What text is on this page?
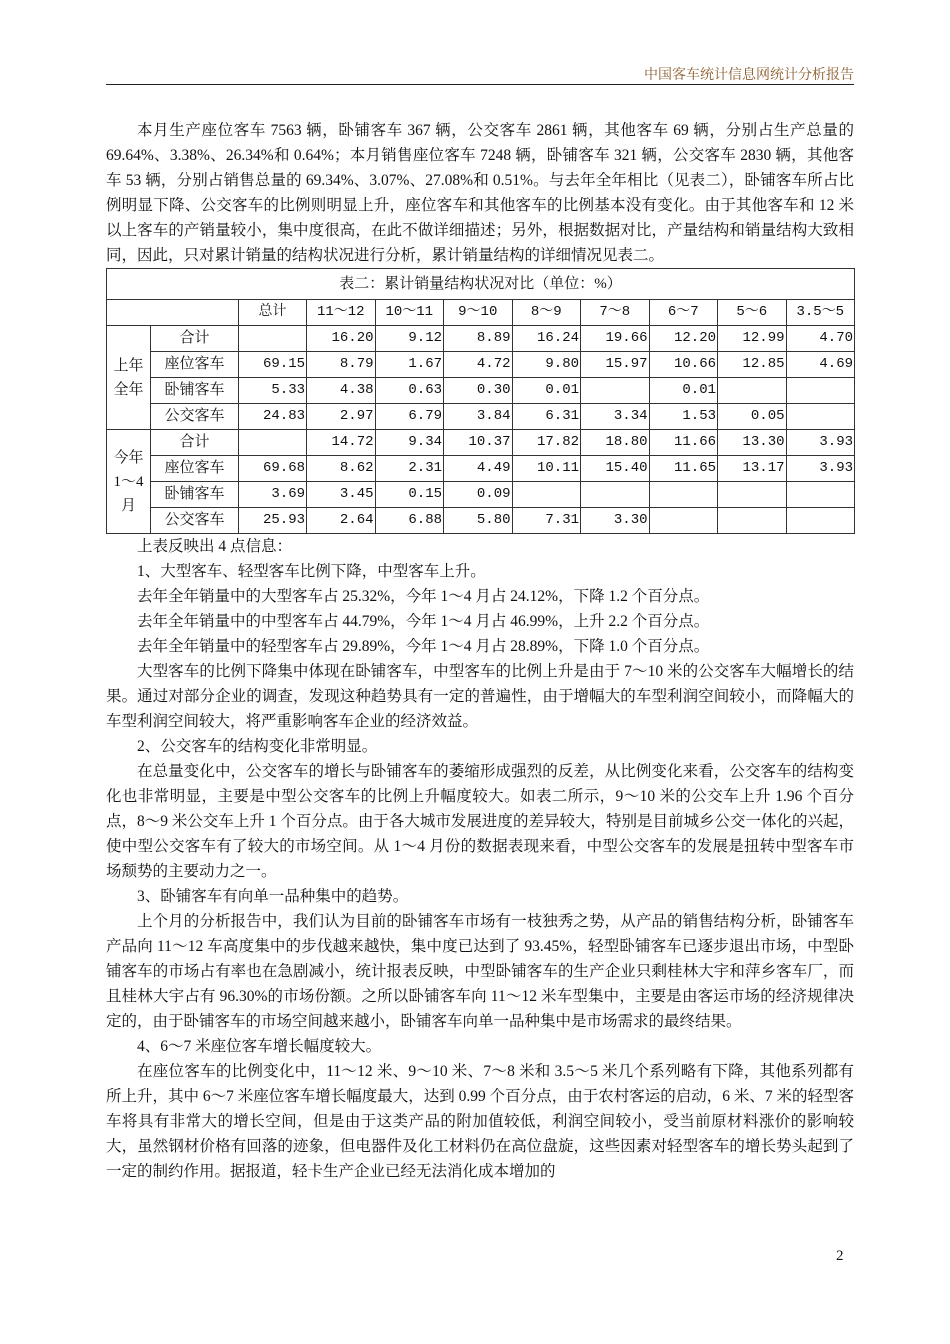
中国客车统计信息网统计分析报告

本月生产座位客车 7563 辆，卧铺客车 367 辆，公交客车 2861 辆，其他客车 69 辆，分别占生产总量的 69.64%、3.38%、26.34%和 0.64%；本月销售座位客车 7248 辆，卧铺客车 321 辆，公交客车 2830 辆，其他客车 53 辆，分别占销售总量的 69.34%、3.07%、27.08%和 0.51%。与去年全年相比（见表二），卧铺客车所占比例明显下降、公交客车的比例则明显上升，座位客车和其他客车的比例基本没有变化。由于其他客车和 12 米以上客车的产销量较小，集中度很高，在此不做详细描述；另外，根据数据对比，产量结构和销量结构大致相同，因此，只对累计销量的结构状况进行分析，累计销量结构的详细情况见表二。

表二：累计销量结构状况对比（单位：%）										
		总计	11～12	10～11	9～10	8～9	7～8	6～7	5～6	3.5～5
上年全年	合计		16.20	9.12	8.89	16.24	19.66	12.20	12.99	4.70
	座位客车	69.15	8.79	1.67	4.72	9.80	15.97	10.66	12.85	4.69
	卧铺客车	5.33	4.38	0.63	0.30	0.01		0.01		
	公交客车	24.83	2.97	6.79	3.84	6.31	3.34	1.53	0.05	
今年 1～4 月	合计		14.72	9.34	10.37	17.82	18.80	11.66	13.30	3.93
	座位客车	69.68	8.62	2.31	4.49	10.11	15.40	11.65	13.17	3.93
	卧铺客车	3.69	3.45	0.15	0.09					
	公交客车	25.93	2.64	6.88	5.80	7.31	3.30			

上表反映出 4 点信息：

1、大型客车、轻型客车比例下降，中型客车上升。

去年全年销量中的大型客车占 25.32%，今年 1～4 月占 24.12%，下降 1.2 个百分点。

去年全年销量中的中型客车占 44.79%，今年 1～4 月占 46.99%，上升 2.2 个百分点。

去年全年销量中的轻型客车占 29.89%，今年 1～4 月占 28.89%，下降 1.0 个百分点。

大型客车的比例下降集中体现在卧铺客车，中型客车的比例上升是由于 7～10 米的公交客车大幅增长的结果。通过对部分企业的调查，发现这种趋势具有一定的普遍性，由于增幅大的车型利润空间较小，而降幅大的车型利润空间较大，将严重影响客车企业的经济效益。

2、公交客车的结构变化非常明显。

在总量变化中，公交客车的增长与卧铺客车的萎缩形成强烈的反差，从比例变化来看，公交客车的结构变化也非常明显，主要是中型公交客车的比例上升幅度较大。如表二所示，9～10 米的公交车上升 1.96 个百分点，8～9 米公交车上升 1 个百分点。由于各大城市发展进度的差异较大，特别是目前城乡公交一体化的兴起，使中型公交客车有了较大的市场空间。从 1～4 月份的数据表现来看，中型公交客车的发展是扭转中型客车市场颓势的主要动力之一。

3、卧铺客车有向单一品种集中的趋势。

上个月的分析报告中，我们认为目前的卧铺客车市场有一枝独秀之势，从产品的销售结构分析，卧铺客车产品向 11～12 车高度集中的步伐越来越快，集中度已达到了 93.45%，轻型卧铺客车已逐步退出市场，中型卧铺客车的市场占有率也在急剧减小，统计报表反映，中型卧铺客车的生产企业只剩桂林大宇和萍乡客车厂，而且桂林大宇占有 96.30%的市场份额。之所以卧铺客车向 11～12 米车型集中，主要是由客运市场的经济规律决定的，由于卧铺客车的市场空间越来越小，卧铺客车向单一品种集中是市场需求的最终结果。

4、6～7 米座位客车增长幅度较大。

在座位客车的比例变化中，11～12 米、9～10 米、7～8 米和 3.5～5 米几个系列略有下降，其他系列都有所上升，其中 6～7 米座位客车增长幅度最大，达到 0.99 个百分点，由于农村客运的启动，6 米、7 米的轻型客车将具有非常大的增长空间，但是由于这类产品的附加值较低，利润空间较小，受当前原材料涨价的影响较大，虽然钢材价格有回落的迹象，但电器件及化工材料仍在高位盘旋，这些因素对轻型客车的增长势头起到了一定的制约作用。据报道，轻卡生产企业已经无法消化成本增加的

2
